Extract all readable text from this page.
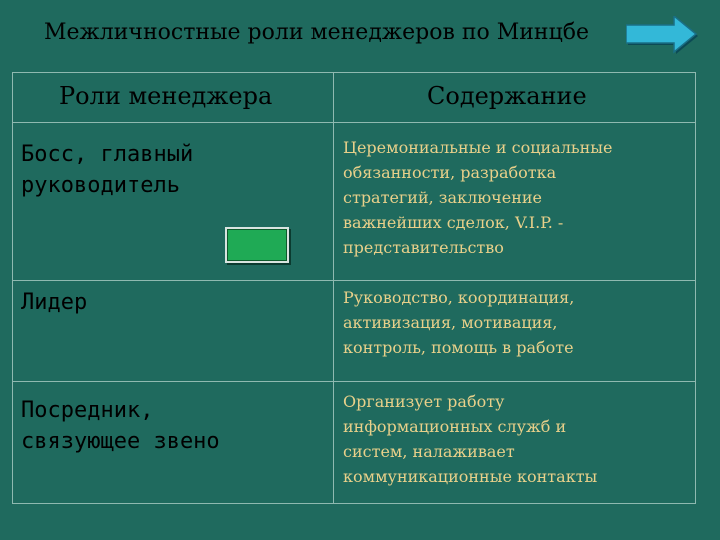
Межличностные роли менеджеров по Минцбе
Роли менеджера	Содержание
Босс, главный
руководитель
Церемониальные и социальные
обязанности, разработка
стратегий, заключение
важнейших сделок, V.I.P. -
представительство
Лидер	Руководство, координация,
активизация, мотивация,
контроль, помощь в работе
Посредник,
связующее звено
Организует работу
информационных служб и
систем, налаживает
коммуникационные контакты
